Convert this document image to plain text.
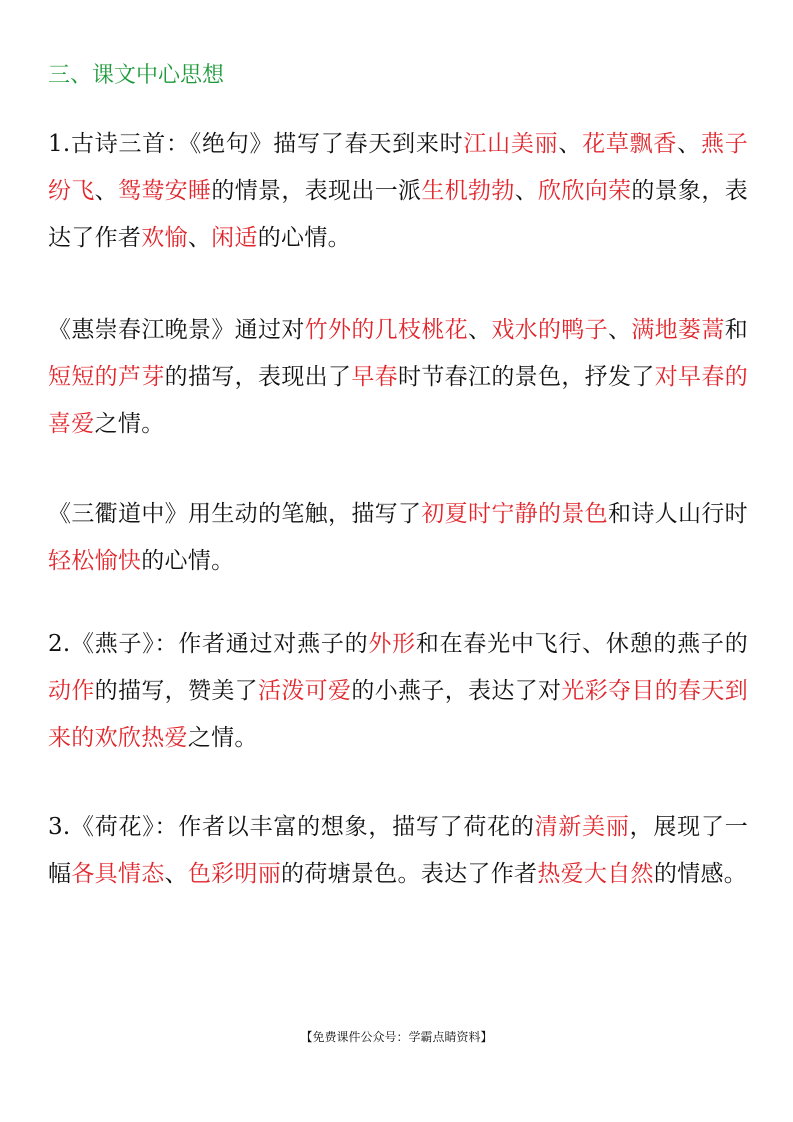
三、课文中心思想

1.古诗三首：《绝句》描写了春天到来时江山美丽、花草飘香、燕子纷飞、鸳鸯安睡的情景，表现出一派生机勃勃、欣欣向荣的景象，表达了作者欢愉、闲适的心情。

《惠崇春江晚景》通过对竹外的几枝桃花、戏水的鸭子、满地蒌蒿和短短的芦芽的描写，表现出了早春时节春江的景色，抒发了对早春的喜爱之情。

《三衢道中》用生动的笔触，描写了初夏时宁静的景色和诗人山行时轻松愉快的心情。

2.《燕子》：作者通过对燕子的外形和在春光中飞行、休憩的燕子的动作的描写，赞美了活泼可爱的小燕子，表达了对光彩夺目的春天到来的欢欣热爱之情。

3.《荷花》：作者以丰富的想象，描写了荷花的清新美丽，展现了一幅各具情态、色彩明丽的荷塘景色。表达了作者热爱大自然的情感。

【免费课件公众号：学霸点睛资料】
